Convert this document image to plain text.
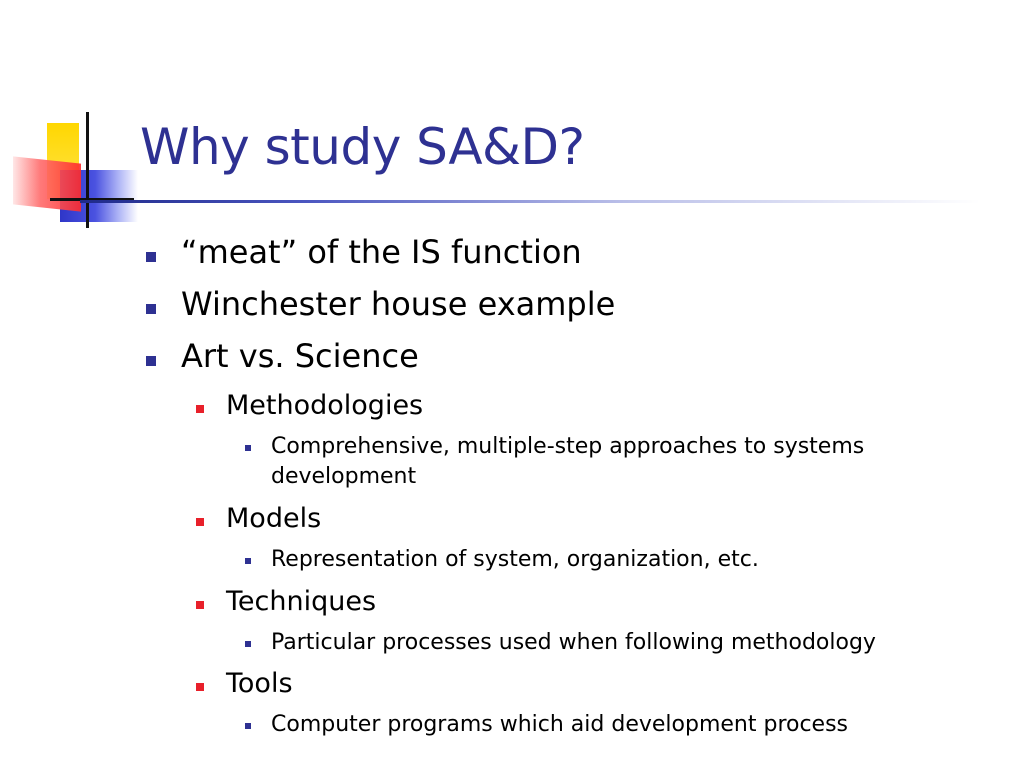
Why study SA&D?
“meat” of the IS function
Winchester house example
Art vs. Science
Methodologies
Comprehensive, multiple-step approaches to systems development
Models
Representation of system, organization, etc.
Techniques
Particular processes used when following methodology
Tools
Computer programs which aid development process
